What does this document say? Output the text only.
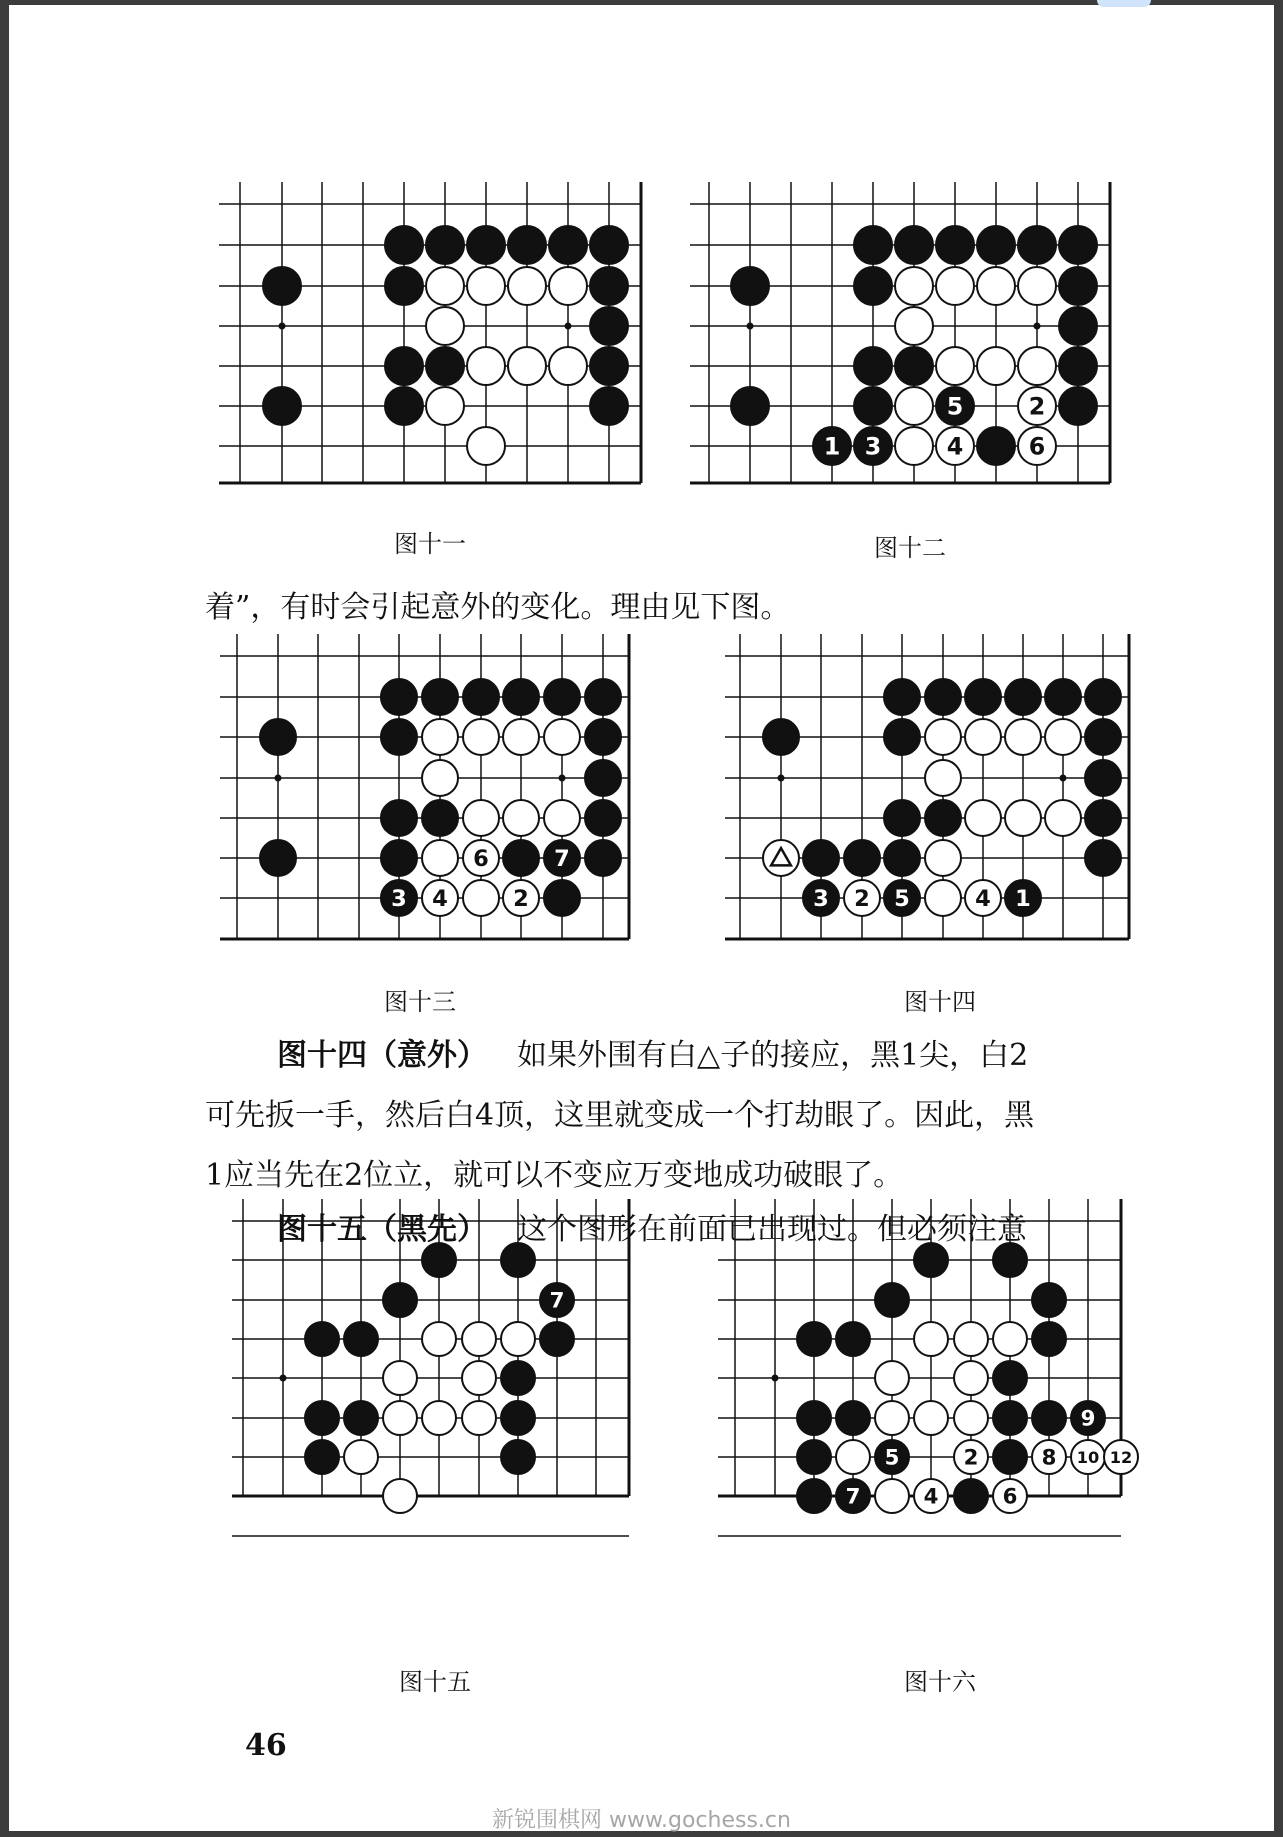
5	2
1 3	4	6
6	7
3 4	2	3 2 5	4 1
7
9
5	2	8 10 12
7	4	6
图十一	图十二
图十三	图十四
图十五	图十六
着”，有时会引起意外的变化。理由见下图。
图十四（意外） 如果外围有白△子的接应，黑1尖，白2
可先扳一手，然后白4顶，这里就变成一个打劫眼了。因此，黑
1应当先在2位立，就可以不变应万变地成功破眼了。
图十五（黑先） 这个图形在前面已出现过。但必须注意
46
新锐围棋网 www.gochess.cn
